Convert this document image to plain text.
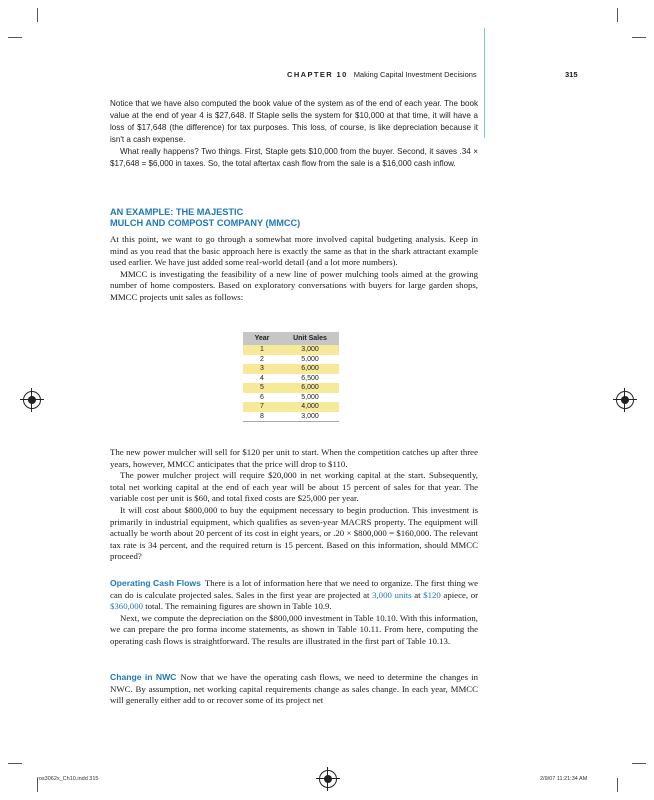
CHAPTER 10 Making Capital Investment Decisions	315

Notice that we have also computed the book value of the system as of the end of each year. The book value at the end of year 4 is $27,648. If Staple sells the system for $10,000 at that time, it will have a loss of $17,648 (the difference) for tax purposes. This loss, of course, is like depreciation because it isn't a cash expense.

What really happens? Two things. First, Staple gets $10,000 from the buyer. Second, it saves .34 × $17,648 = $6,000 in taxes. So, the total aftertax cash flow from the sale is a $16,000 cash inflow.

AN EXAMPLE: THE MAJESTIC
MULCH AND COMPOST COMPANY (MMCC)

At this point, we want to go through a somewhat more involved capital budgeting analysis. Keep in mind as you read that the basic approach here is exactly the same as that in the shark attractant example used earlier. We have just added some real-world detail (and a lot more numbers).

MMCC is investigating the feasibility of a new line of power mulching tools aimed at the growing number of home composters. Based on exploratory conversations with buyers for large garden shops, MMCC projects unit sales as follows:

Year	Unit Sales
1	3,000
2	5,000
3	6,000
4	6,500
5	6,000
6	5,000
7	4,000
8	3,000

The new power mulcher will sell for $120 per unit to start. When the competition catches up after three years, however, MMCC anticipates that the price will drop to $110.

The power mulcher project will require $20,000 in net working capital at the start. Subsequently, total net working capital at the end of each year will be about 15 percent of sales for that year. The variable cost per unit is $60, and total fixed costs are $25,000 per year.

It will cost about $800,000 to buy the equipment necessary to begin production. This investment is primarily in industrial equipment, which qualifies as seven-year MACRS property. The equipment will actually be worth about 20 percent of its cost in eight years, or .20 × $800,000 = $160,000. The relevant tax rate is 34 percent, and the required return is 15 percent. Based on this information, should MMCC proceed?

Operating Cash Flows There is a lot of information here that we need to organize. The first thing we can do is calculate projected sales. Sales in the first year are projected at 3,000 units at $120 apiece, or $360,000 total. The remaining figures are shown in Table 10.9.

Next, we compute the depreciation on the $800,000 investment in Table 10.10. With this information, we can prepare the pro forma income statements, as shown in Table 10.11. From here, computing the operating cash flows is straightforward. The results are illustrated in the first part of Table 10.13.

Change in NWC Now that we have the operating cash flows, we need to determine the changes in NWC. By assumption, net working capital requirements change as sales change. In each year, MMCC will generally either add to or recover some of its project net

ros3062x_Ch10.indd 315	2/9/07 11:21:34 AM
